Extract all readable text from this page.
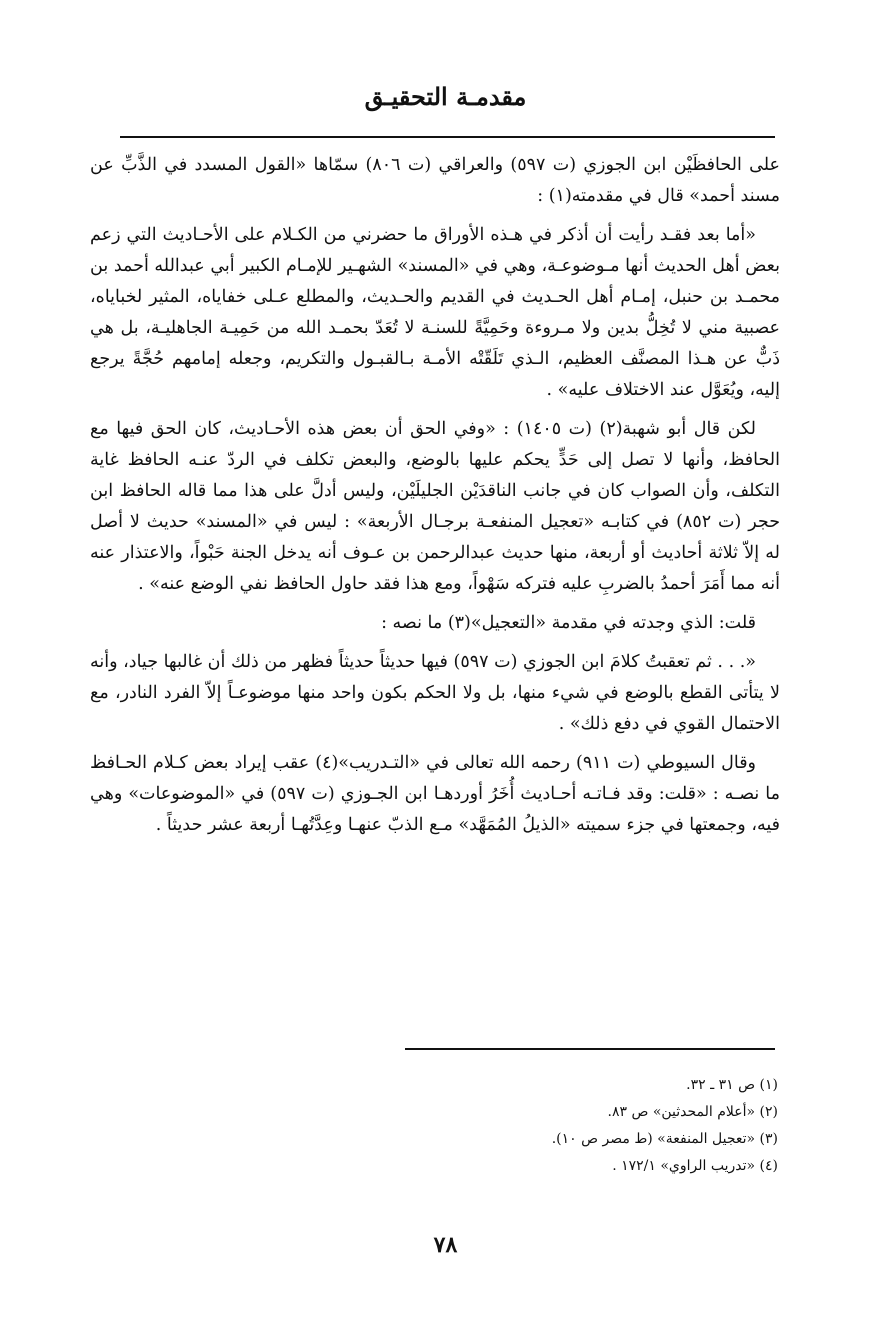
مقدمـة التحقيـق

على الحافظَيْن ابن الجوزي (ت ٥٩٧) والعراقي (ت ٨٠٦) سمّاها «القول المسدد في الذَّبِّ عن مسند أحمد» قال في مقدمته(١) :

«أما بعد فقـد رأيت أن أذكر في هـذه الأوراق ما حضرني من الكـلام على الأحـاديث التي زعم بعض أهل الحديث أنها مـوضوعـة، وهي في «المسند» الشهـير للإمـام الكبير أبي عبدالله أحمد بن محمـد بن حنبل، إمـام أهل الحـديث في القديم والحـديث، والمطلع عـلى خفاياه، المثير لخباياه، عصبية مني لا تُخِلُّ بدين ولا مـروءة وحَمِيَّةً للسنـة لا تُعَدّ بحمـد الله من حَمِيـة الجاهليـة، بل هي ذَبٌّ عن هـذا المصنَّف العظيم، الـذي تَلَقّتْه الأمـة بـالقبـول والتكريم، وجعله إمامهم حُجَّةً يرجع إليه، ويُعَوَّل عند الاختلاف عليه» .

لكن قال أبو شهبة(٢) (ت ١٤٠٥) : «وفي الحق أن بعض هذه الأحـاديث، كان الحق فيها مع الحافظ، وأنها لا تصل إلى حَدٍّ يحكم عليها بالوضع، والبعض تكلف في الردّ عنـه الحافظ غاية التكلف، وأن الصواب كان في جانب الناقدَيْن الجليلَيْن، وليس أدلَّ على هذا مما قاله الحافظ ابن حجر (ت ٨٥٢) في كتابـه «تعجيل المنفعـة برجـال الأربعة» : ليس في «المسند» حديث لا أصل له إلاّ ثلاثة أحاديث أو أربعة، منها حديث عبدالرحمن بن عـوف أنه يدخل الجنة حَبْواً، والاعتذار عنه أنه مما أَمَرَ أحمدُ بالضربِ عليه فتركه سَهْواً، ومع هذا فقد حاول الحافظ نفي الوضع عنه» .

قلت: الذي وجدته في مقدمة «التعجيل»(٣) ما نصه :

«. . . ثم تعقبتُ كلامَ ابن الجوزي (ت ٥٩٧) فيها حديثاً حديثاً فظهر من ذلك أن غالبها جياد، وأنه لا يتأتى القطع بالوضع في شيء منها، بل ولا الحكم بكون واحد منها موضوعـاً إلاّ الفرد النادر، مع الاحتمال القوي في دفع ذلك» .

وقال السيوطي (ت ٩١١) رحمه الله تعالى في «التـدريب»(٤) عقب إيراد بعض كـلام الحـافظ ما نصـه : «قلت: وقد فـاتـه أحـاديث أُخَرُ أوردهـا ابن الجـوزي (ت ٥٩٧) في «الموضوعات» وهي فيه، وجمعتها في جزء سميته «الذيلُ المُمَهَّد» مـع الذبّ عنهـا وعِدَّتُهـا أربعة عشر حديثاً .

(١) ص ٣١ ـ ٣٢.
(٢) «أعلام المحدثين» ص ٨٣.
(٣) «تعجيل المنفعة» (ط مصر ص ١٠).
(٤) «تدريب الراوي» ١٧٢/١ .
٧٨
